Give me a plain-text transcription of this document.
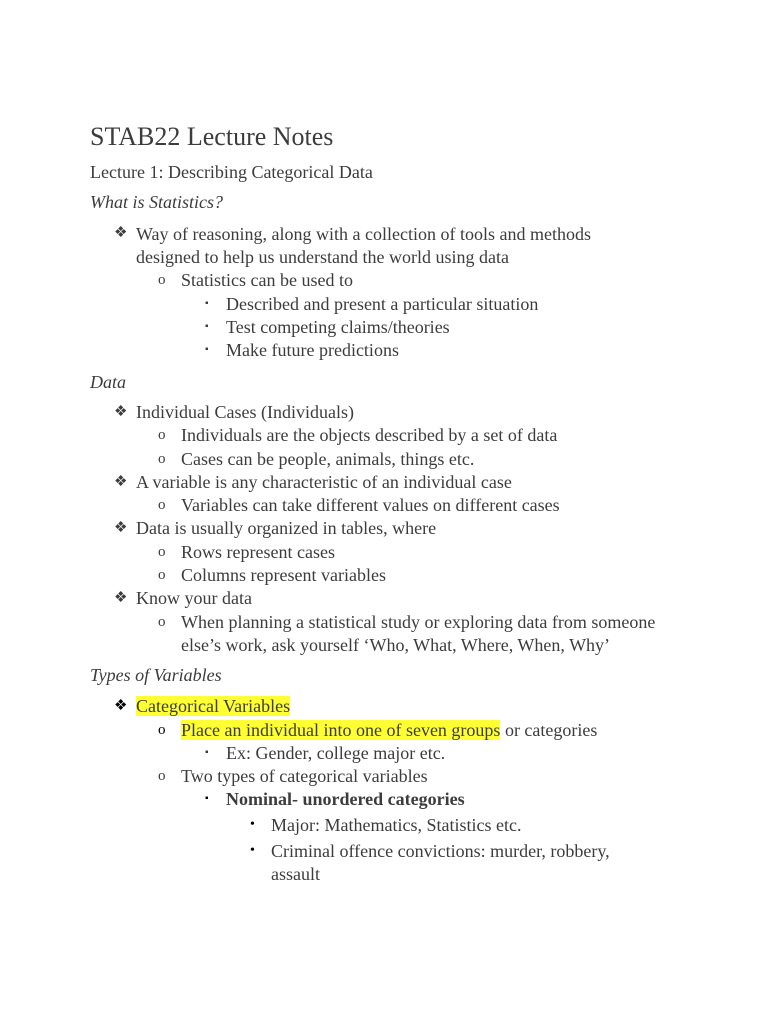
STAB22 Lecture Notes
Lecture 1: Describing Categorical Data
What is Statistics?
❖ Way of reasoning, along with a collection of tools and methods
designed to help us understand the world using data
o Statistics can be used to
▪ Described and present a particular situation
▪ Test competing claims/theories
▪ Make future predictions
Data
❖ Individual Cases (Individuals)
o Individuals are the objects described by a set of data
o Cases can be people, animals, things etc.
❖ A variable is any characteristic of an individual case
o Variables can take different values on different cases
❖ Data is usually organized in tables, where
o Rows represent cases
o Columns represent variables
❖ Know your data
o When planning a statistical study or exploring data from someone
else’s work, ask yourself ‘Who, What, Where, When, Why’
Types of Variables
❖ Categorical Variables
o Place an individual into one of seven groups or categories
▪ Ex: Gender, college major etc.
o Two types of categorical variables
▪ Nominal- unordered categories
• Major: Mathematics, Statistics etc.
• Criminal offence convictions: murder, robbery,
assault
